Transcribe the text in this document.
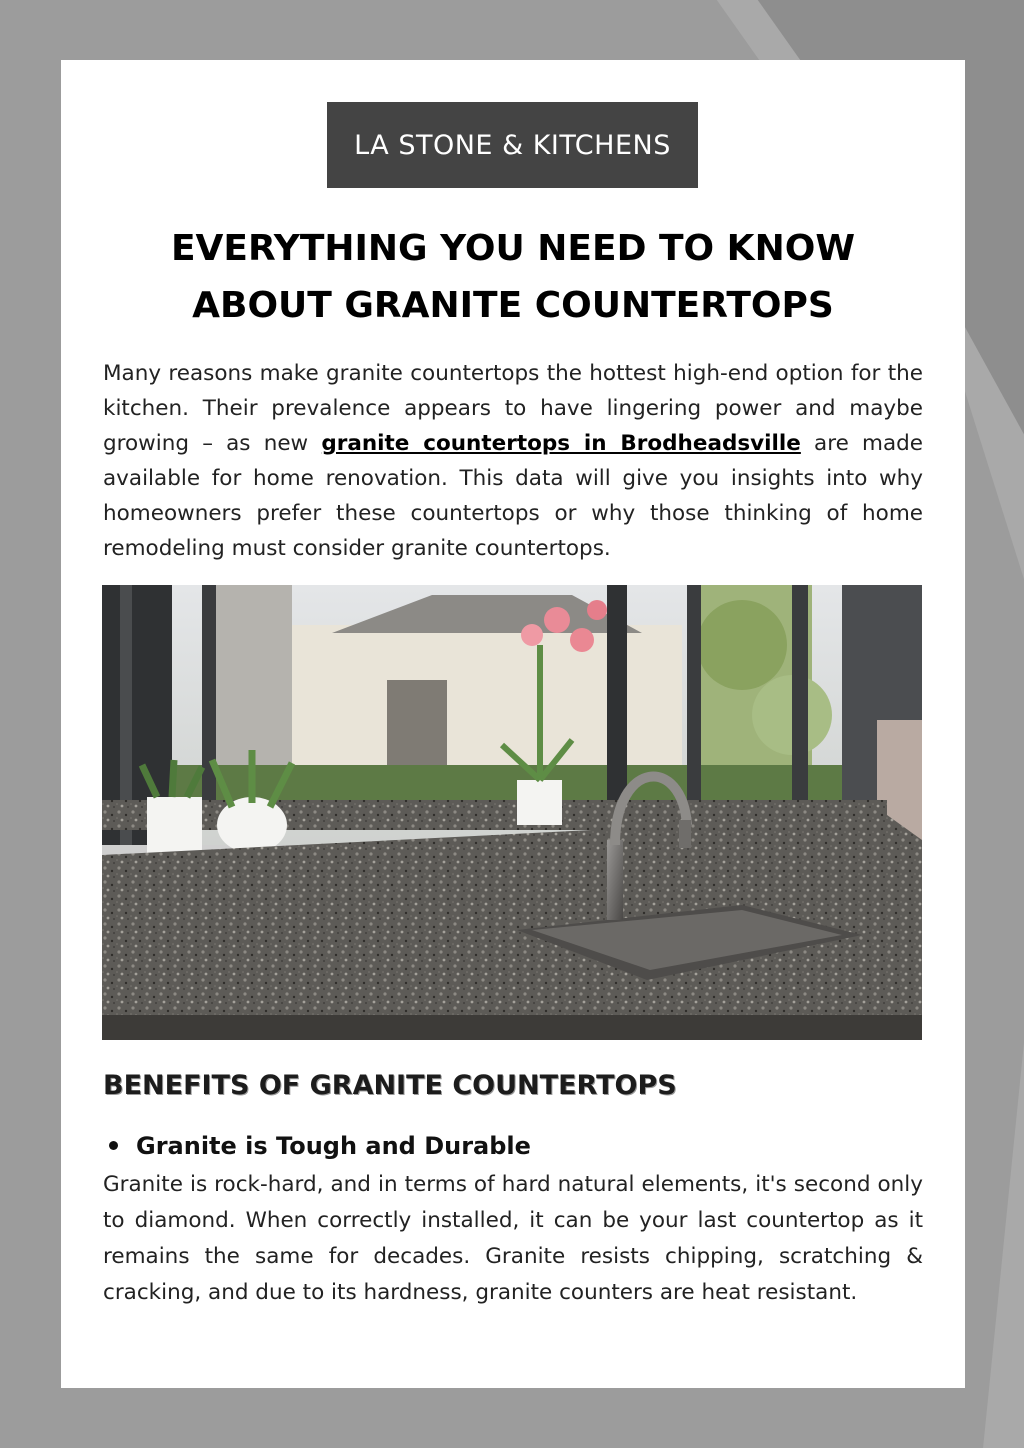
LA STONE & KITCHENS
EVERYTHING YOU NEED TO KNOW
ABOUT GRANITE COUNTERTOPS

Many reasons make granite countertops the hottest high-end option for the kitchen. Their prevalence appears to have lingering power and maybe growing – as new granite countertops in Brodheadsville are made available for home renovation. This data will give you insights into why homeowners prefer these countertops or why those thinking of home remodeling must consider granite countertops.

BENEFITS OF GRANITE COUNTERTOPS

Granite is Tough and Durable

Granite is rock-hard, and in terms of hard natural elements, it's second only to diamond. When correctly installed, it can be your last countertop as it remains the same for decades. Granite resists chipping, scratching & cracking, and due to its hardness, granite counters are heat resistant.
